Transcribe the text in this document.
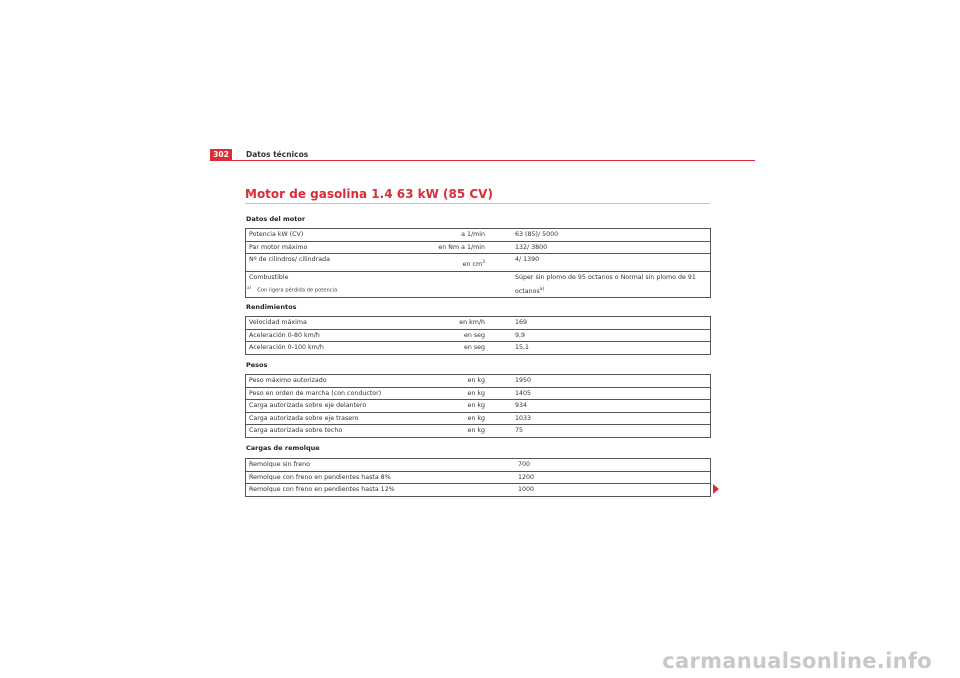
302	Datos técnicos
Motor de gasolina 1.4 63 kW (85 CV)
Datos del motor
Potencia kW (CV)	a 1/min	63 (85)/ 5000
Par motor máximo	en Nm a 1/min	132/ 3800
Nº de cilindros/ cilindrada	en $cm^3$	4/ 1390
Combustible		Súper sin plomo de 95 octanos o Normal sin plomo de 91 octanos$^{a)}$
$^{a)}$Con ligera pérdida de potencia
Rendimientos
Velocidad máxima	en km/h	169
Aceleración 0-80 km/h	en seg	9,9
Aceleración 0-100 km/h	en seg	15,1
Pesos
Peso máximo autorizado	en kg	1950
Peso en orden de marcha (con conductor)	en kg	1405
Carga autorizada sobre eje delantero	en kg	934
Carga autorizada sobre eje trasero	en kg	1033
Carga autorizada sobre techo	en kg	75
Cargas de remolque
Remolque sin freno	700
Remolque con freno en pendientes hasta 8%	1200
Remolque con freno en pendientes hasta 12%	1000
carmanualsonline.info
